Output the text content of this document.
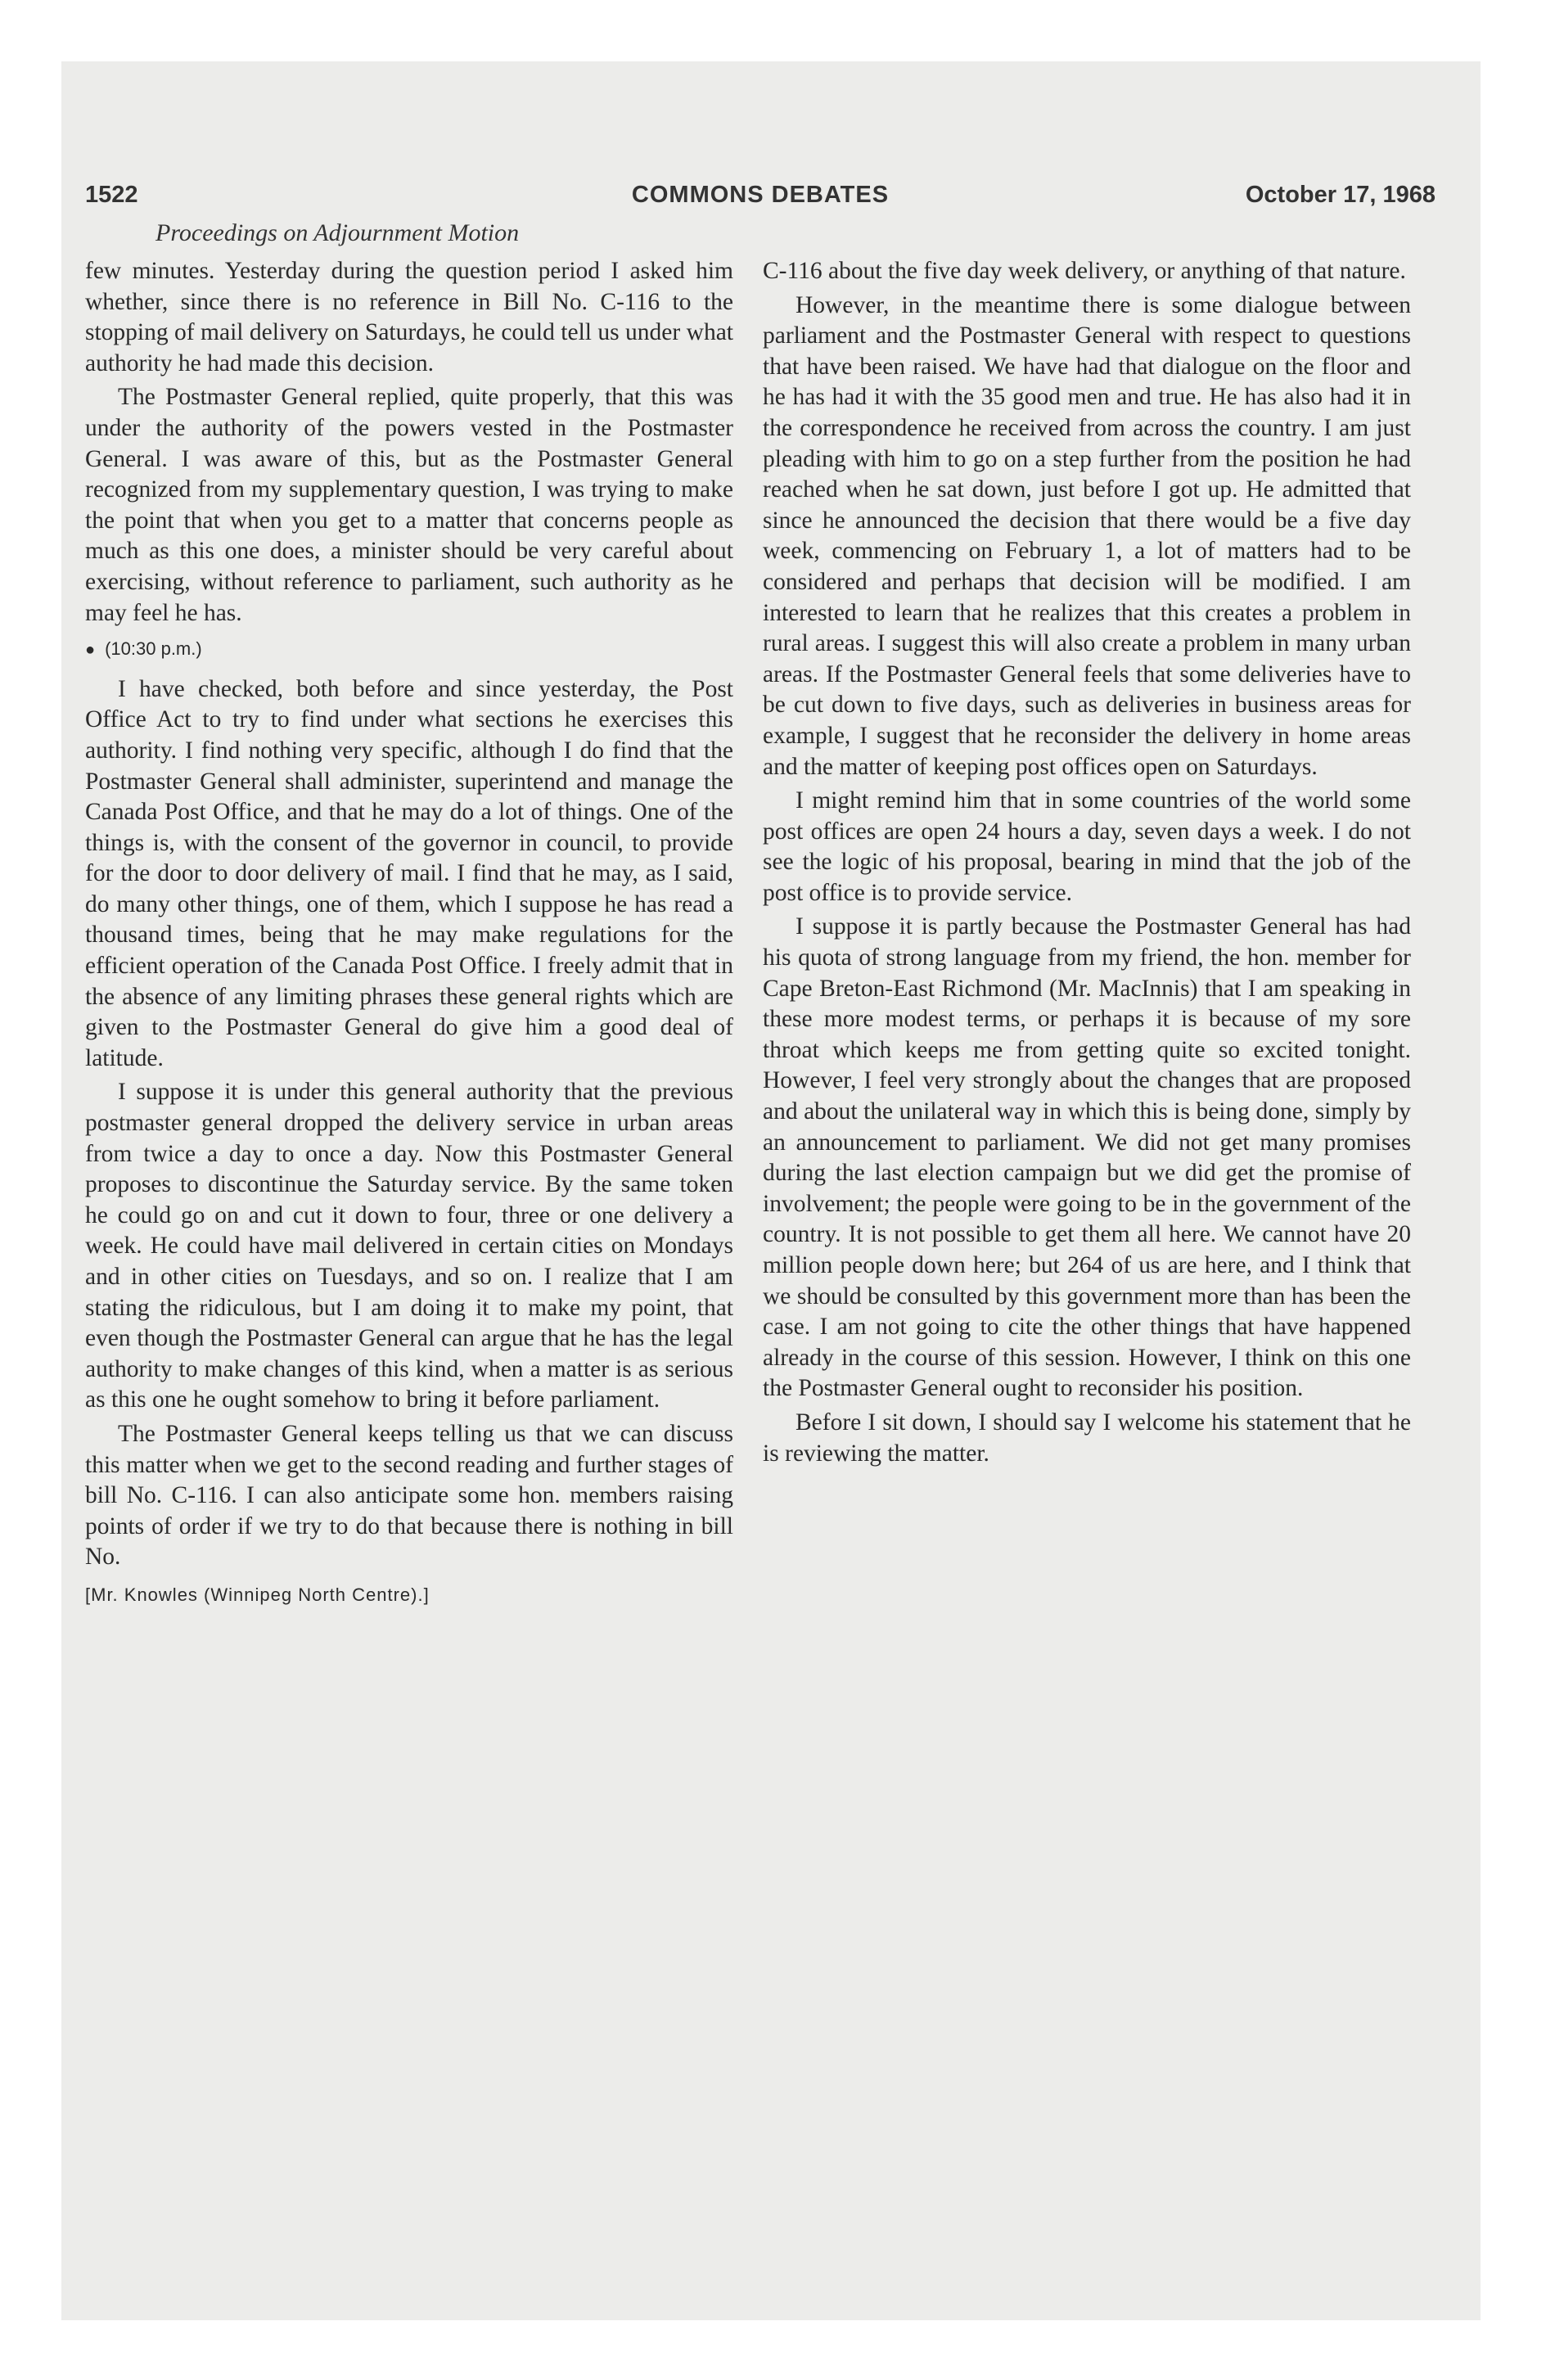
COMMONS DEBATES
1522	October 17, 1968
Proceedings on Adjournment Motion

few minutes. Yesterday during the question period I asked him whether, since there is no reference in Bill No. C-116 to the stopping of mail delivery on Saturdays, he could tell us under what authority he had made this decision.

The Postmaster General replied, quite properly, that this was under the authority of the powers vested in the Postmaster General. I was aware of this, but as the Postmaster General recognized from my supplementary question, I was trying to make the point that when you get to a matter that concerns people as much as this one does, a minister should be very careful about exercising, without reference to parliament, such authority as he may feel he has.

● (10:30 p.m.)

I have checked, both before and since yesterday, the Post Office Act to try to find under what sections he exercises this authority. I find nothing very specific, although I do find that the Postmaster General shall administer, superintend and manage the Canada Post Office, and that he may do a lot of things. One of the things is, with the consent of the governor in council, to provide for the door to door delivery of mail. I find that he may, as I said, do many other things, one of them, which I suppose he has read a thousand times, being that he may make regulations for the efficient operation of the Canada Post Office. I freely admit that in the absence of any limiting phrases these general rights which are given to the Postmaster General do give him a good deal of latitude.

I suppose it is under this general authority that the previous postmaster general dropped the delivery service in urban areas from twice a day to once a day. Now this Postmaster General proposes to discontinue the Saturday service. By the same token he could go on and cut it down to four, three or one delivery a week. He could have mail delivered in certain cities on Mondays and in other cities on Tuesdays, and so on. I realize that I am stating the ridiculous, but I am doing it to make my point, that even though the Postmaster General can argue that he has the legal authority to make changes of this kind, when a matter is as serious as this one he ought somehow to bring it before parliament.

The Postmaster General keeps telling us that we can discuss this matter when we get to the second reading and further stages of bill No. C-116. I can also anticipate some hon. members raising points of order if we try to do that because there is nothing in bill No.

[Mr. Knowles (Winnipeg North Centre).]

C-116 about the five day week delivery, or anything of that nature.

However, in the meantime there is some dialogue between parliament and the Postmaster General with respect to questions that have been raised. We have had that dialogue on the floor and he has had it with the 35 good men and true. He has also had it in the correspondence he received from across the country. I am just pleading with him to go on a step further from the position he had reached when he sat down, just before I got up. He admitted that since he announced the decision that there would be a five day week, commencing on February 1, a lot of matters had to be considered and perhaps that decision will be modified. I am interested to learn that he realizes that this creates a problem in rural areas. I suggest this will also create a problem in many urban areas. If the Postmaster General feels that some deliveries have to be cut down to five days, such as deliveries in business areas for example, I suggest that he reconsider the delivery in home areas and the matter of keeping post offices open on Saturdays.

I might remind him that in some countries of the world some post offices are open 24 hours a day, seven days a week. I do not see the logic of his proposal, bearing in mind that the job of the post office is to provide service.

I suppose it is partly because the Postmaster General has had his quota of strong language from my friend, the hon. member for Cape Breton-East Richmond (Mr. MacInnis) that I am speaking in these more modest terms, or perhaps it is because of my sore throat which keeps me from getting quite so excited tonight. However, I feel very strongly about the changes that are proposed and about the unilateral way in which this is being done, simply by an announcement to parliament. We did not get many promises during the last election campaign but we did get the promise of involvement; the people were going to be in the government of the country. It is not possible to get them all here. We cannot have 20 million people down here; but 264 of us are here, and I think that we should be consulted by this government more than has been the case. I am not going to cite the other things that have happened already in the course of this session. However, I think on this one the Postmaster General ought to reconsider his position.

Before I sit down, I should say I welcome his statement that he is reviewing the matter.
